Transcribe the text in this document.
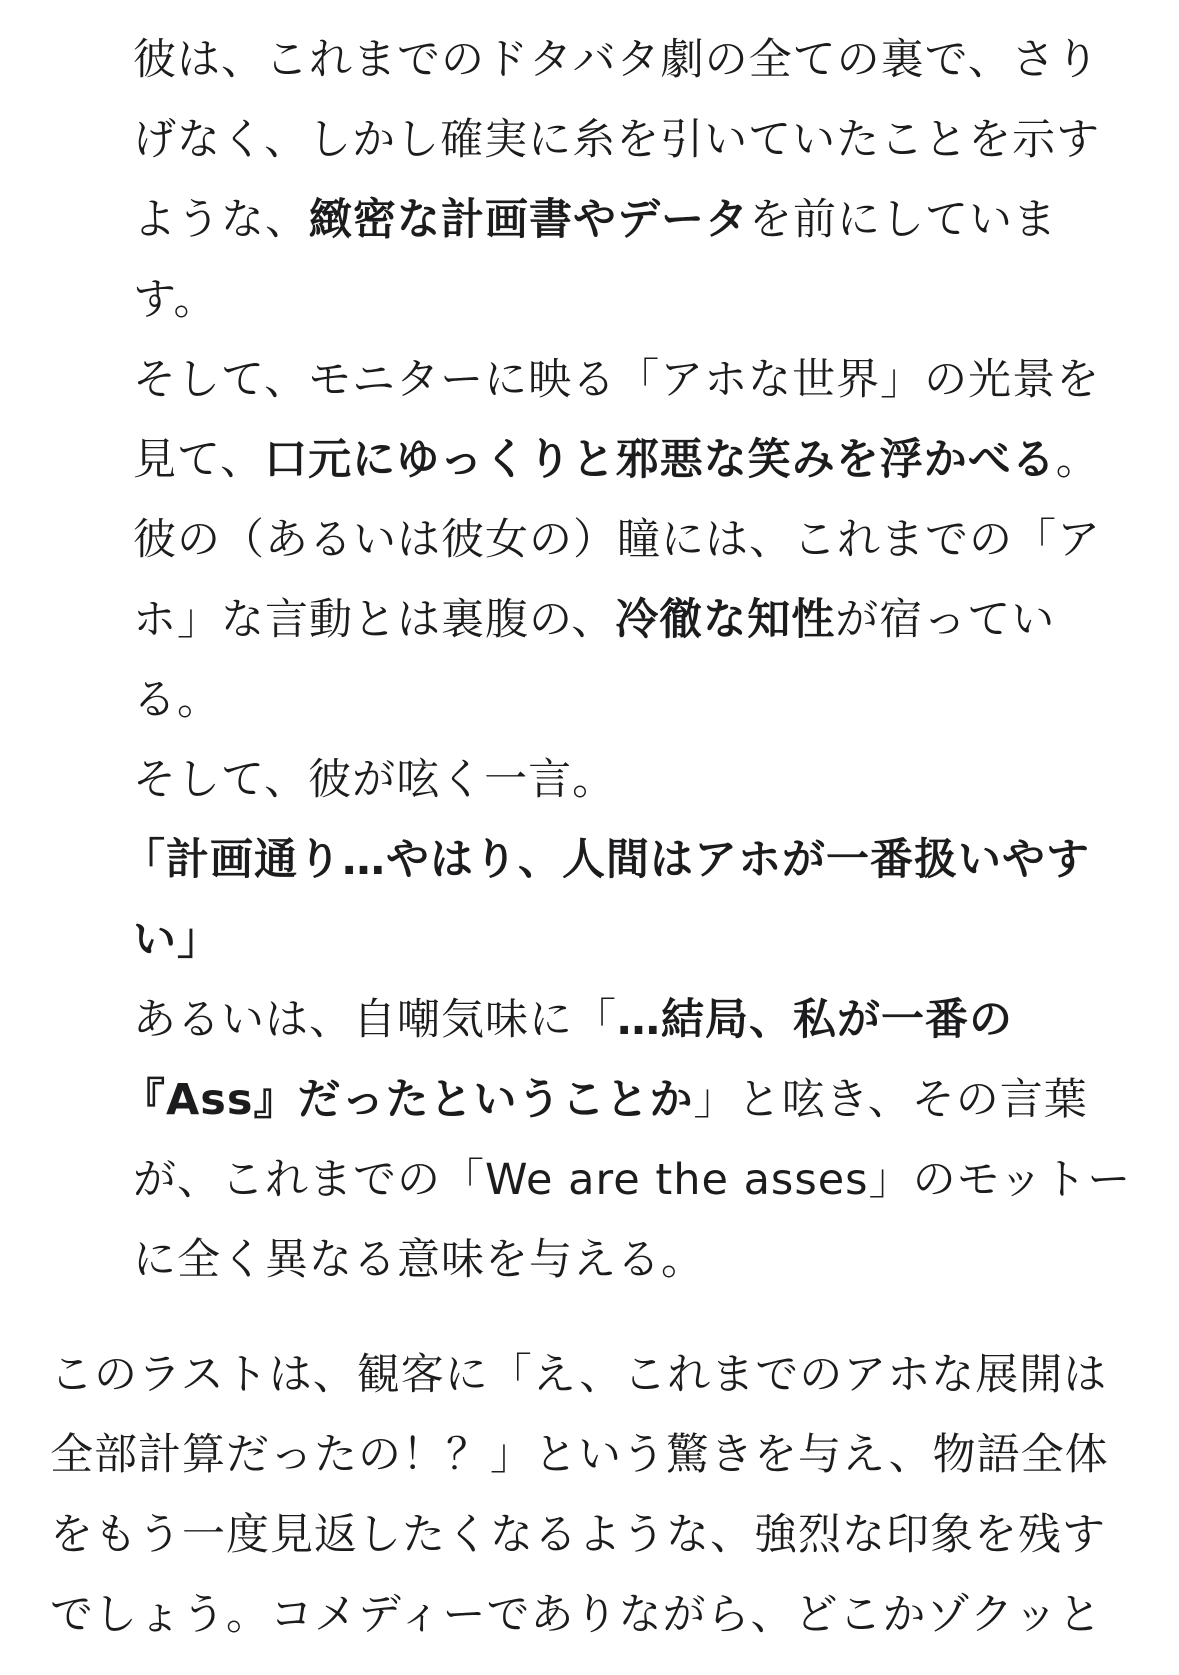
彼は、これまでのドタバタ劇の全ての裏で、さり
げなく、しかし確実に糸を引いていたことを示す
ような、緻密な計画書やデータを前にしていま
す。
そして、モニターに映る「アホな世界」の光景を
見て、口元にゆっくりと邪悪な笑みを浮かべる。
彼の（あるいは彼女の）瞳には、これまでの「ア
ホ」な言動とは裏腹の、冷徹な知性が宿ってい
る。
そして、彼が呟く一言。
「計画通り…やはり、人間はアホが一番扱いやす
い」
あるいは、自嘲気味に「…結局、私が一番の
『Ass』だったということか」と呟き、その言葉
が、これまでの「We are the asses」のモットー
に全く異なる意味を与える。
このラストは、観客に「え、これまでのアホな展開は
全部計算だったの！？」という驚きを与え、物語全体
をもう一度見返したくなるような、強烈な印象を残す
でしょう。コメディーでありながら、どこかゾクッと
